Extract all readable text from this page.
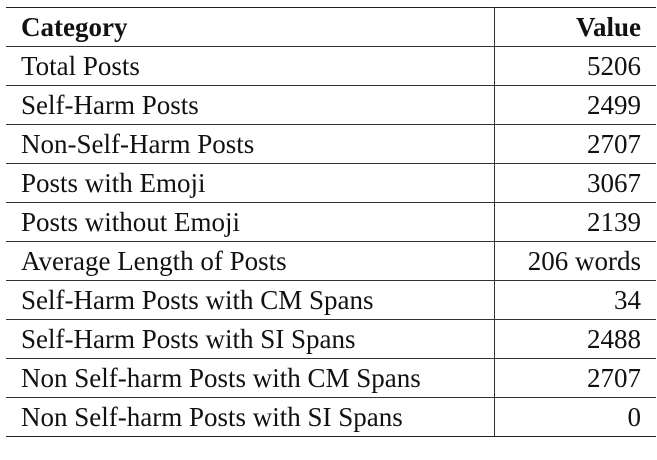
Category	Value
Total Posts	5206
Self-Harm Posts	2499
Non-Self-Harm Posts	2707
Posts with Emoji	3067
Posts without Emoji	2139
Average Length of Posts	206 words
Self-Harm Posts with CM Spans	34
Self-Harm Posts with SI Spans	2488
Non Self-harm Posts with CM Spans	2707
Non Self-harm Posts with SI Spans	0
